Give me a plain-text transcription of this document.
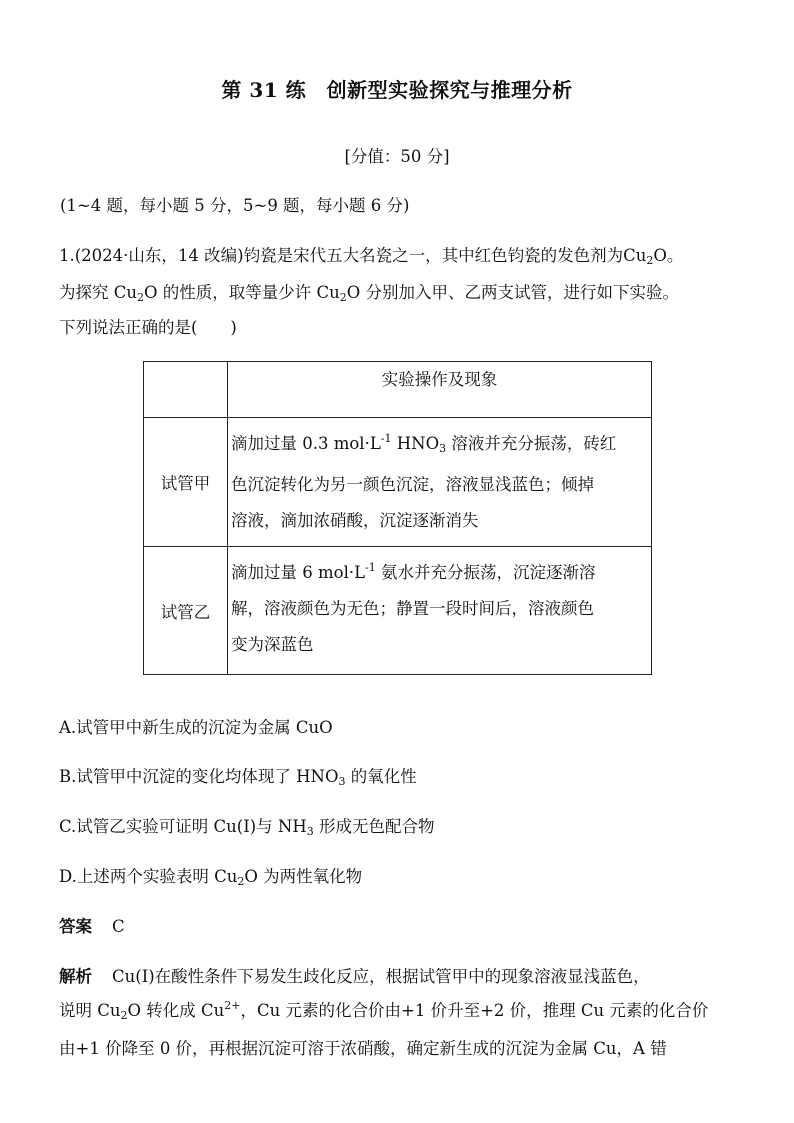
第 31 练　创新型实验探究与推理分析
[分值：50 分]
(1~4 题，每小题 5 分，5~9 题，每小题 6 分)
1.(2024·山东，14 改编)钧瓷是宋代五大名瓷之一，其中红色钧瓷的发色剂为$Cu_2O$。
为探究 $Cu_2O$ 的性质，取等量少许 $Cu_2O$ 分别加入甲、乙两支试管，进行如下实验。
下列说法正确的是(　　)
	实验操作及现象
试管甲	滴加过量 0.3 $mol\cdot L^{-1}$ $HNO_3$ 溶液并充分振荡，砖红
色沉淀转化为另一颜色沉淀，溶液显浅蓝色；倾掉
溶液，滴加浓硝酸，沉淀逐渐消失

试管乙	滴加过量 6 $mol\cdot L^{-1}$ 氨水并充分振荡，沉淀逐渐溶
解，溶液颜色为无色；静置一段时间后，溶液颜色
变为深蓝色
A.试管甲中新生成的沉淀为金属 CuO
B.试管甲中沉淀的变化均体现了 $HNO_3$ 的氧化性
C.试管乙实验可证明 Cu(Ⅰ)与 $NH_3$ 形成无色配合物
D.上述两个实验表明 $Cu_2O$ 为两性氧化物
答案 C
解析 Cu(Ⅰ)在酸性条件下易发生歧化反应，根据试管甲中的现象溶液显浅蓝色，
说明 $Cu_2O$ 转化成 $Cu^{2+}$，Cu 元素的化合价由+1 价升至+2 价，推理 Cu 元素的化合价
由+1 价降至 0 价，再根据沉淀可溶于浓硝酸，确定新生成的沉淀为金属 Cu，A 错
